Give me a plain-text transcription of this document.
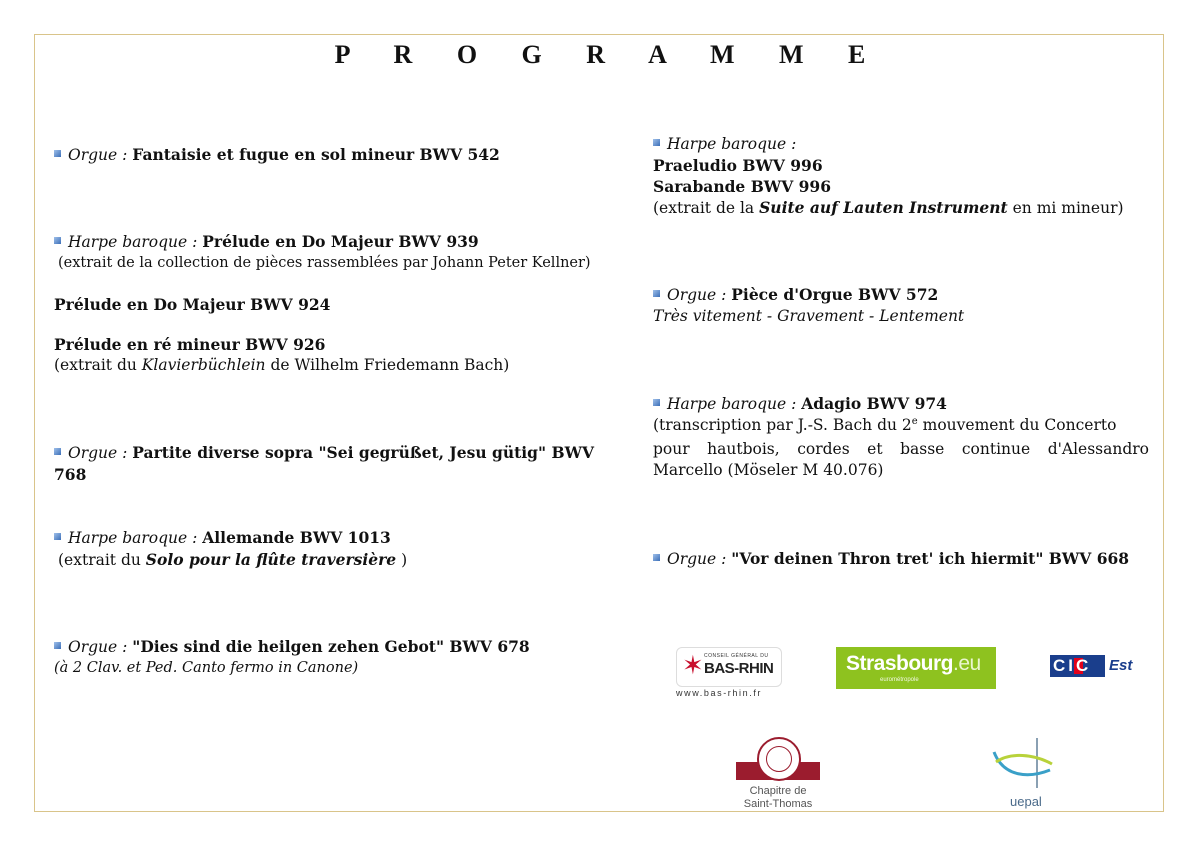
P R O G R A M M E
Orgue : Fantaisie et fugue en sol mineur BWV 542
Harpe baroque : Prélude en Do Majeur BWV 939
(extrait de la collection de pièces rassemblées par Johann Peter Kellner)
Prélude en Do Majeur BWV 924
Prélude en ré mineur BWV 926
(extrait du Klavierbüchlein de Wilhelm Friedemann Bach)
Orgue : Partite diverse sopra "Sei gegrüßet, Jesu gütig" BWV 768
Harpe baroque : Allemande BWV 1013
(extrait du Solo pour la flûte traversière )
Orgue : "Dies sind die heilgen zehen Gebot" BWV 678
(à 2 Clav. et Ped. Canto fermo in Canone)
Harpe baroque :
Praeludio BWV 996
Sarabande BWV 996
(extrait de la Suite auf Lauten Instrument en mi mineur)
Orgue : Pièce d'Orgue BWV 572
Très vitement - Gravement - Lentement
Harpe baroque : Adagio BWV 974
(transcription par J.-S. Bach du 2e mouvement du Concerto
pour hautbois, cordes et basse continue d'Alessandro
Marcello (Möseler M 40.076)
Orgue : "Vor deinen Thron tret' ich hiermit" BWV 668
✶ CONSEIL GÉNÉRAL DU
BAS-RHIN
www.bas-rhin.fr
Strasbourg.eu
eurométropole
CIC Est
Chapitre de
Saint-Thomas	uepal
